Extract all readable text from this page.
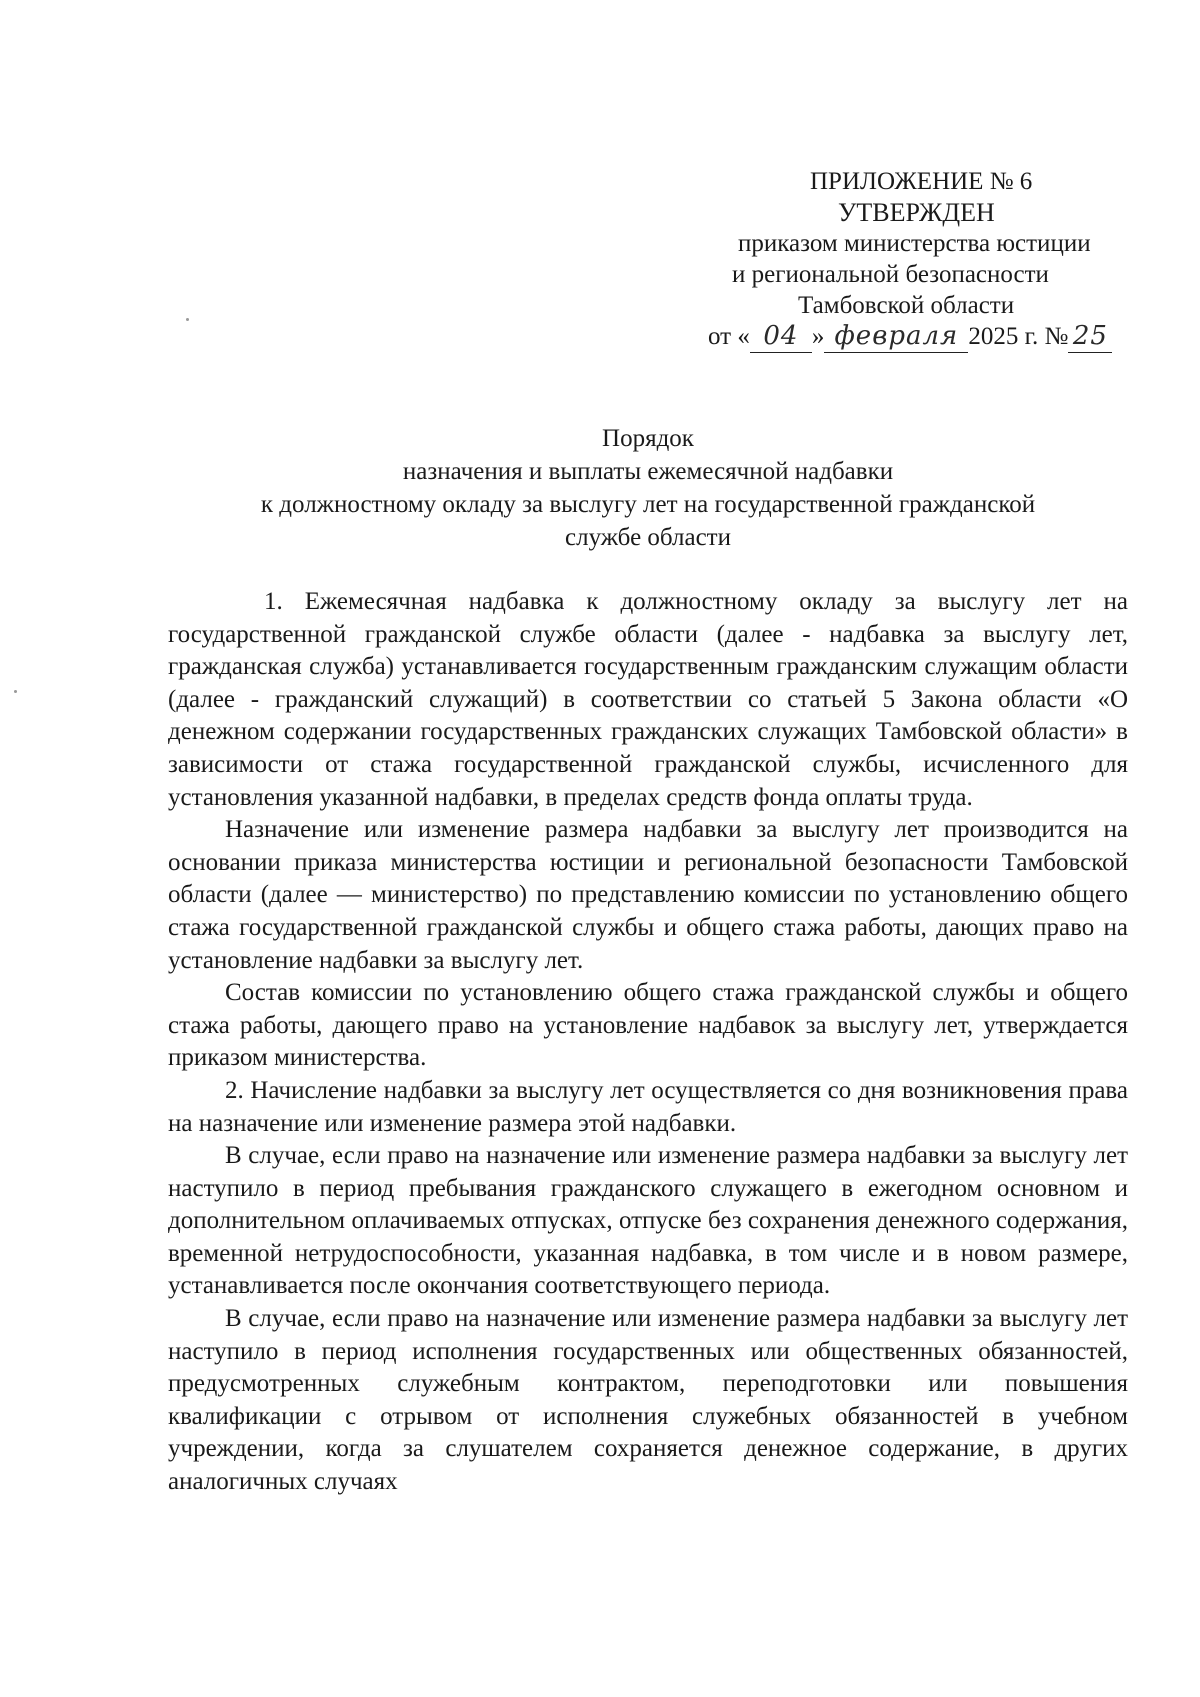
ПРИЛОЖЕНИЕ № 6
УТВЕРЖДЕН
приказом министерства юстиции
и региональной безопасности
Тамбовской области
от « 04 » февраля 2025 г. № 25
Порядок
назначения и выплаты ежемесячной надбавки
к должностному окладу за выслугу лет на государственной гражданской
службе области

1. Ежемесячная надбавка к должностному окладу за выслугу лет на государственной гражданской службе области (далее - надбавка за выслугу лет, гражданская служба) устанавливается государственным гражданским служащим области (далее - гражданский служащий) в соответствии со статьей 5 Закона области «О денежном содержании государственных гражданских служащих Тамбовской области» в зависимости от стажа государственной гражданской службы, исчисленного для установления указанной надбавки, в пределах средств фонда оплаты труда.

Назначение или изменение размера надбавки за выслугу лет производится на основании приказа министерства юстиции и региональной безопасности Тамбовской области (далее — министерство) по представлению комиссии по установлению общего стажа государственной гражданской службы и общего стажа работы, дающих право на установление надбавки за выслугу лет.

Состав комиссии по установлению общего стажа гражданской службы и общего стажа работы, дающего право на установление надбавок за выслугу лет, утверждается приказом министерства.

2. Начисление надбавки за выслугу лет осуществляется со дня возникновения права на назначение или изменение размера этой надбавки.

В случае, если право на назначение или изменение размера надбавки за выслугу лет наступило в период пребывания гражданского служащего в ежегодном основном и дополнительном оплачиваемых отпусках, отпуске без сохранения денежного содержания, временной нетрудоспособности, указанная надбавка, в том числе и в новом размере, устанавливается после окончания соответствующего периода.

В случае, если право на назначение или изменение размера надбавки за выслугу лет наступило в период исполнения государственных или общественных обязанностей, предусмотренных служебным контрактом, переподготовки или повышения квалификации с отрывом от исполнения служебных обязанностей в учебном учреждении, когда за слушателем сохраняется денежное содержание, в других аналогичных случаях
